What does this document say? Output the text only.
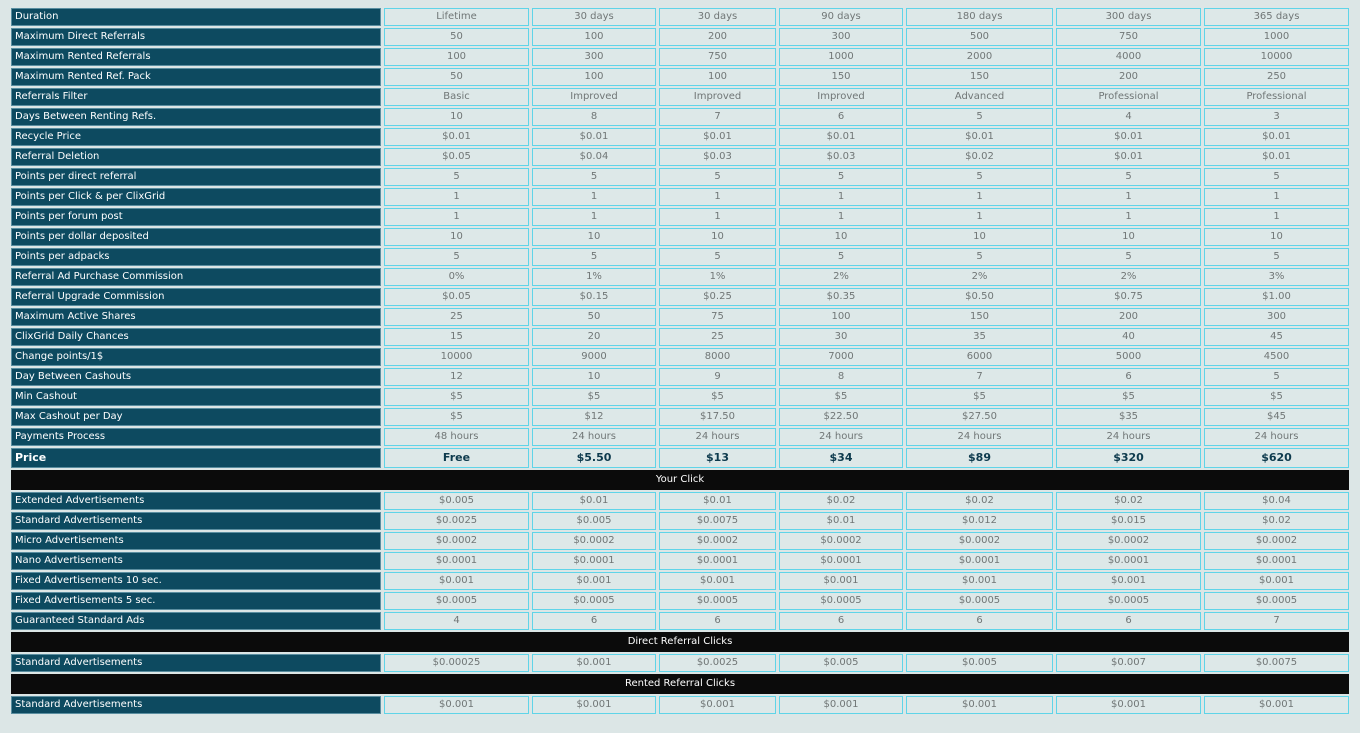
Duration	Lifetime	30 days	30 days	90 days	180 days	300 days	365 days
Maximum Direct Referrals	50	100	200	300	500	750	1000
Maximum Rented Referrals	100	300	750	1000	2000	4000	10000
Maximum Rented Ref. Pack	50	100	100	150	150	200	250
Referrals Filter	Basic	Improved	Improved	Improved	Advanced	Professional	Professional
Days Between Renting Refs.	10	8	7	6	5	4	3
Recycle Price	$0.01	$0.01	$0.01	$0.01	$0.01	$0.01	$0.01
Referral Deletion	$0.05	$0.04	$0.03	$0.03	$0.02	$0.01	$0.01
Points per direct referral	5	5	5	5	5	5	5
Points per Click & per ClixGrid	1	1	1	1	1	1	1
Points per forum post	1	1	1	1	1	1	1
Points per dollar deposited	10	10	10	10	10	10	10
Points per adpacks	5	5	5	5	5	5	5
Referral Ad Purchase Commission	0%	1%	1%	2%	2%	2%	3%
Referral Upgrade Commission	$0.05	$0.15	$0.25	$0.35	$0.50	$0.75	$1.00
Maximum Active Shares	25	50	75	100	150	200	300
ClixGrid Daily Chances	15	20	25	30	35	40	45
Change points/1$	10000	9000	8000	7000	6000	5000	4500
Day Between Cashouts	12	10	9	8	7	6	5
Min Cashout	$5	$5	$5	$5	$5	$5	$5
Max Cashout per Day	$5	$12	$17.50	$22.50	$27.50	$35	$45
Payments Process	48 hours	24 hours	24 hours	24 hours	24 hours	24 hours	24 hours
Price	Free	$5.50	$13	$34	$89	$320	$620
Your Click							
Extended Advertisements	$0.005	$0.01	$0.01	$0.02	$0.02	$0.02	$0.04
Standard Advertisements	$0.0025	$0.005	$0.0075	$0.01	$0.012	$0.015	$0.02
Micro Advertisements	$0.0002	$0.0002	$0.0002	$0.0002	$0.0002	$0.0002	$0.0002
Nano Advertisements	$0.0001	$0.0001	$0.0001	$0.0001	$0.0001	$0.0001	$0.0001
Fixed Advertisements 10 sec.	$0.001	$0.001	$0.001	$0.001	$0.001	$0.001	$0.001
Fixed Advertisements 5 sec.	$0.0005	$0.0005	$0.0005	$0.0005	$0.0005	$0.0005	$0.0005
Guaranteed Standard Ads	4	6	6	6	6	6	7
Direct Referral Clicks							
Standard Advertisements	$0.00025	$0.001	$0.0025	$0.005	$0.005	$0.007	$0.0075
Rented Referral Clicks							
Standard Advertisements	$0.001	$0.001	$0.001	$0.001	$0.001	$0.001	$0.001
